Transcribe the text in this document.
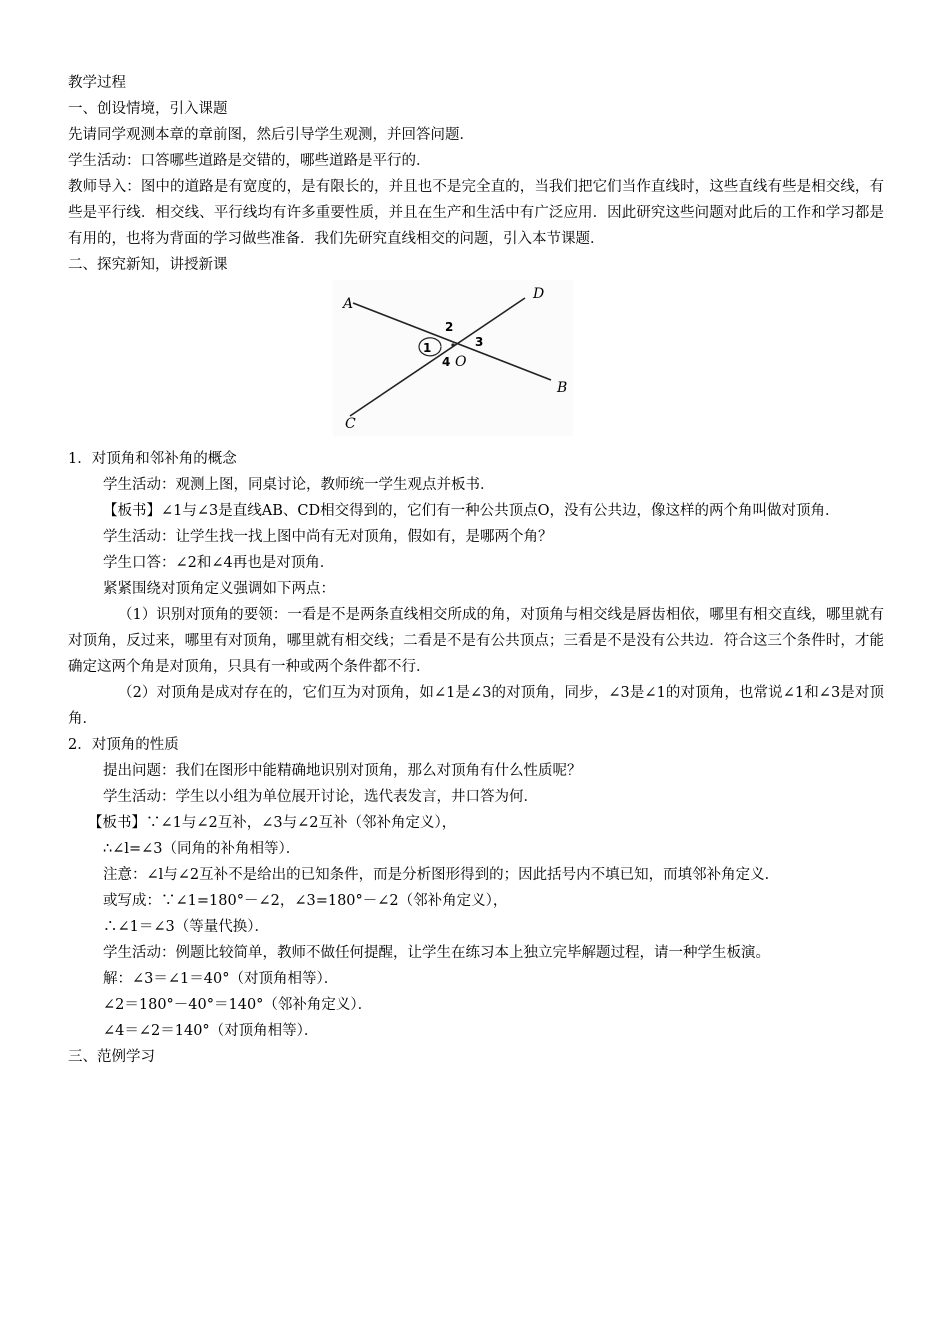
教学过程
一、创设情境，引入课题
先请同学观测本章的章前图，然后引导学生观测，并回答问题．
学生活动：口答哪些道路是交错的，哪些道路是平行的．
教师导入：图中的道路是有宽度的，是有限长的，并且也不是完全直的，当我们把它们当作直线时，这些直线有些是相交线，有些是平行线．相交线、平行线均有许多重要性质，并且在生产和生活中有广泛应用．因此研究这些问题对此后的工作和学习都是有用的，也将为背面的学习做些准备．我们先研究直线相交的问题，引入本节课题．
二、探究新知，讲授新课
A
B
C
D
O
1
2
3
4
1．对顶角和邻补角的概念
学生活动：观测上图，同桌讨论，教师统一学生观点并板书．
【板书】∠1与∠3是直线AB、CD相交得到的，它们有一种公共顶点O，没有公共边，像这样的两个角叫做对顶角．
学生活动：让学生找一找上图中尚有无对顶角，假如有，是哪两个角？
学生口答：∠2和∠4再也是对顶角．
紧紧围绕对顶角定义强调如下两点：
（1）识别对顶角的要领：一看是不是两条直线相交所成的角，对顶角与相交线是唇齿相依，哪里有相交直线，哪里就有对顶角，反过来，哪里有对顶角，哪里就有相交线；二看是不是有公共顶点；三看是不是没有公共边．符合这三个条件时，才能确定这两个角是对顶角，只具有一种或两个条件都不行．
（2）对顶角是成对存在的，它们互为对顶角，如∠1是∠3的对顶角，同步，∠3是∠1的对顶角，也常说∠1和∠3是对顶角．
2．对顶角的性质
提出问题：我们在图形中能精确地识别对顶角，那么对顶角有什么性质呢？
学生活动：学生以小组为单位展开讨论，选代表发言，井口答为何．
【板书】∵∠1与∠2互补，∠3与∠2互补（邻补角定义），
∴∠l=∠3（同角的补角相等）．
注意：∠l与∠2互补不是给出的已知条件，而是分析图形得到的；因此括号内不填已知，而填邻补角定义．
或写成：∵∠1=180°－∠2，∠3=180°－∠2（邻补角定义），
∴∠1＝∠3（等量代换）．
学生活动：例题比较简单，教师不做任何提醒，让学生在练习本上独立完毕解题过程，请一种学生板演。
解：∠3＝∠1＝40°（对顶角相等）．
∠2＝180°－40°＝140°（邻补角定义）．
∠4＝∠2＝140°（对顶角相等）．
三、范例学习
